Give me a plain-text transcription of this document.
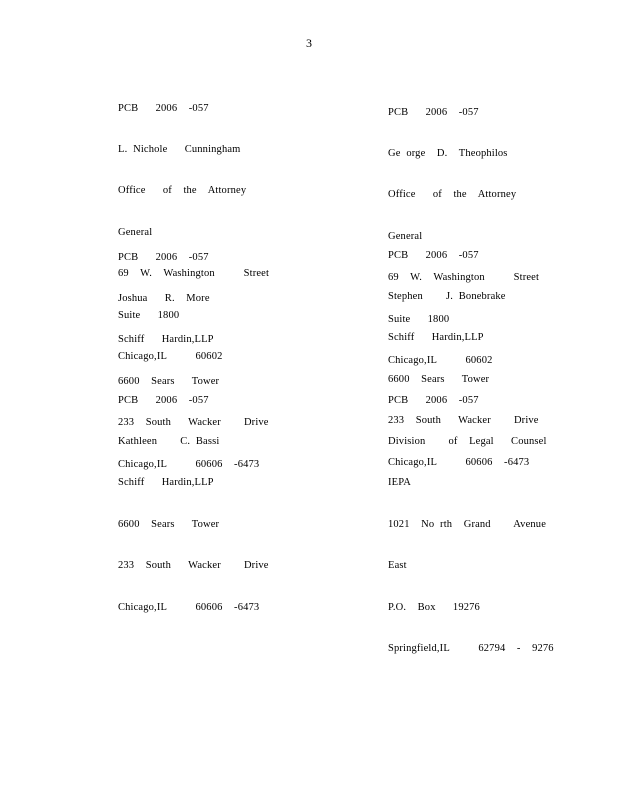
3

PCB   2006  -057

L. Nichole   Cunningham

Office   of  the  Attorney

General

69  W.  Washington     Street

Suite   1800

Chicago,IL     60602

PCB   2006  -057

Ge orge  D.  Theophilos

Office   of  the  Attorney

General

69  W.  Washington     Street

Suite   1800

Chicago,IL     60602

PCB   2006  -057

Joshua   R.  More

Schiff   Hardin,LLP

6600  Sears   Tower

233  South   Wacker    Drive

Chicago,IL     60606  -6473

PCB   2006  -057

Stephen    J. Bonebrake

Schiff   Hardin,LLP

6600  Sears   Tower

233  South   Wacker    Drive

Chicago,IL     60606  -6473

PCB   2006  -057

Kathleen    C. Bassi

Schiff   Hardin,LLP

6600  Sears   Tower

233  South   Wacker    Drive

Chicago,IL     60606  -6473

PCB   2006  -057

Division    of  Legal   Counsel

IEPA

1021  No rth  Grand    Avenue

East

P.O.  Box   19276

Springfield,IL     62794  -  9276
